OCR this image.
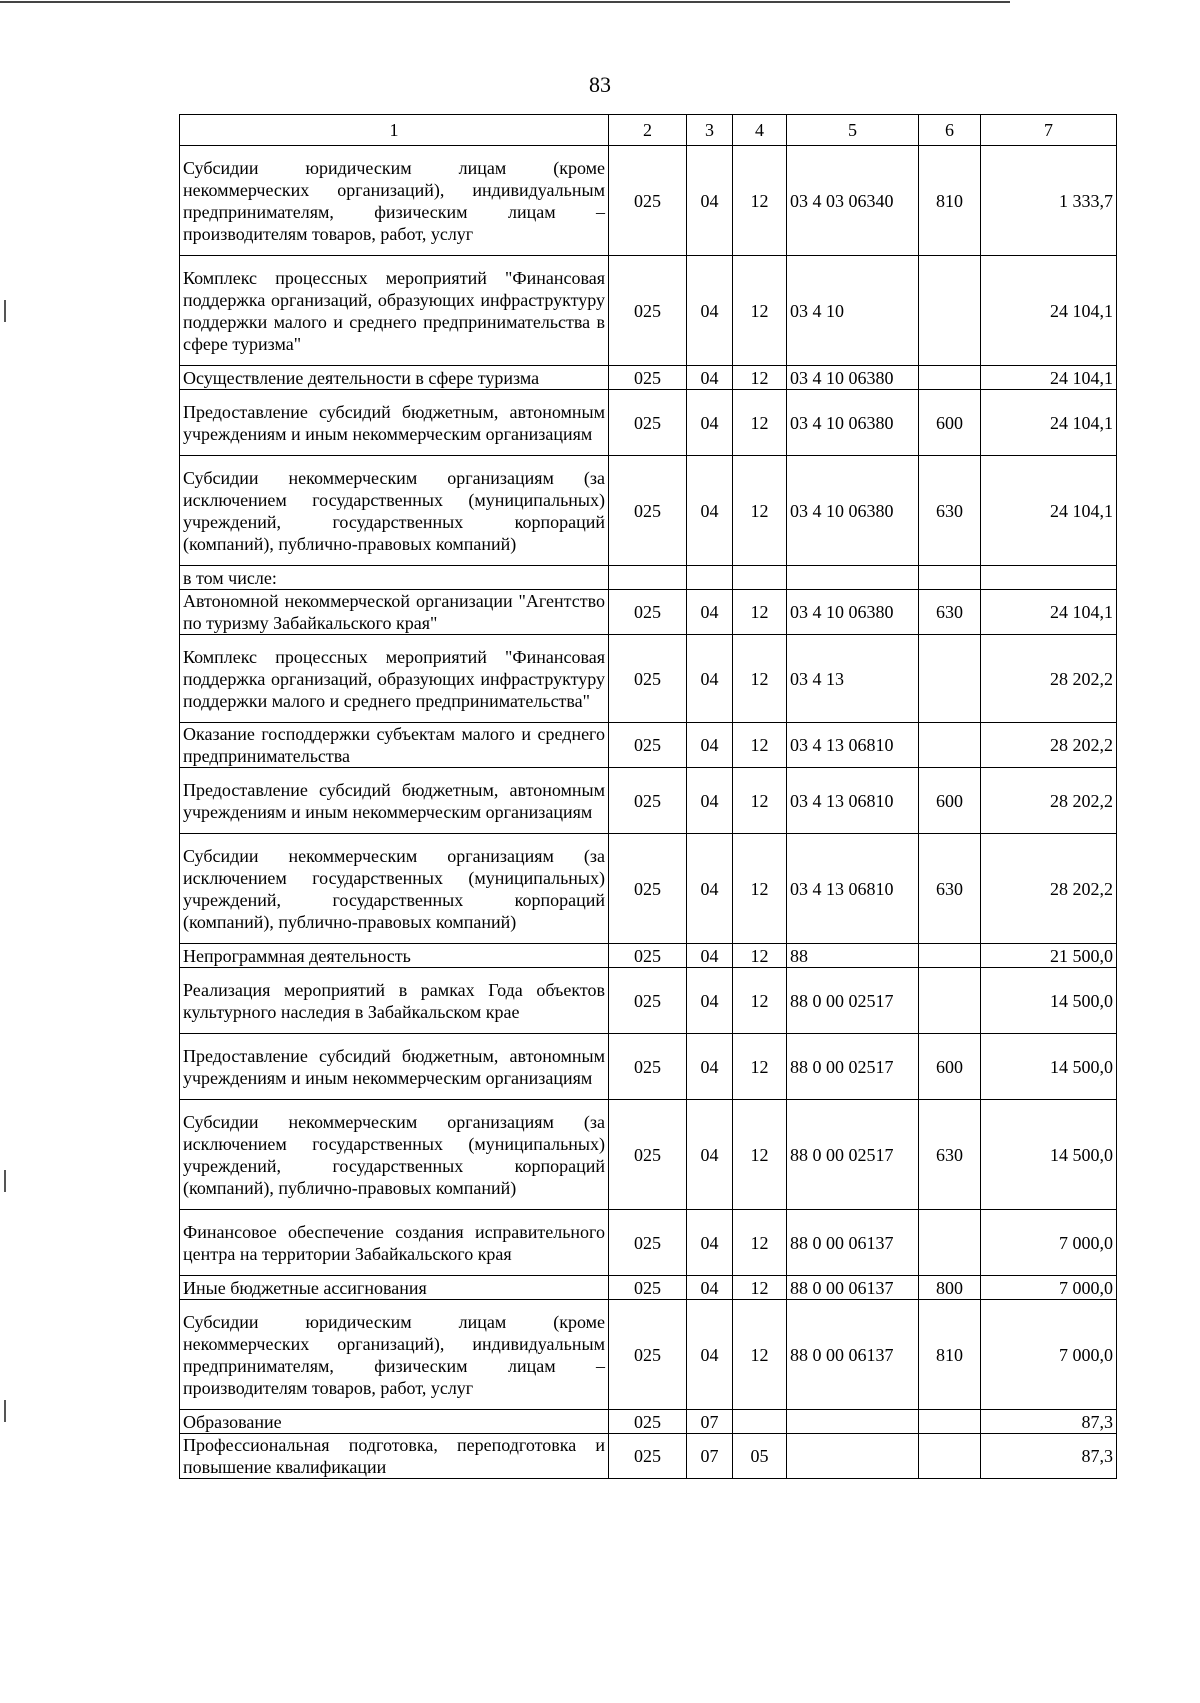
83
1	2	3	4	5	6	7
Субсидии юридическим лицам (кроме некоммерческих организаций), индивидуальным предпринимателям, физическим лицам – производителям товаров, работ, услуг	025	04	12	03 4 03 06340	810	1 333,7
Комплекс процессных мероприятий "Финансовая поддержка организаций, образующих инфраструктуру поддержки малого и среднего предпринимательства в сфере туризма"	025	04	12	03 4 10		24 104,1
Осуществление деятельности в сфере туризма	025	04	12	03 4 10 06380		24 104,1
Предоставление субсидий бюджетным, автономным учреждениям и иным некоммерческим организациям	025	04	12	03 4 10 06380	600	24 104,1
Субсидии некоммерческим организациям (за исключением государственных (муниципальных) учреждений, государственных корпораций (компаний), публично-правовых компаний)	025	04	12	03 4 10 06380	630	24 104,1
в том числе:						
Автономной некоммерческой организации "Агентство по туризму Забайкальского края"	025	04	12	03 4 10 06380	630	24 104,1
Комплекс процессных мероприятий "Финансовая поддержка организаций, образующих инфраструктуру поддержки малого и среднего предпринимательства"	025	04	12	03 4 13		28 202,2
Оказание господдержки субъектам малого и среднего предпринимательства	025	04	12	03 4 13 06810		28 202,2
Предоставление субсидий бюджетным, автономным учреждениям и иным некоммерческим организациям	025	04	12	03 4 13 06810	600	28 202,2
Субсидии некоммерческим организациям (за исключением государственных (муниципальных) учреждений, государственных корпораций (компаний), публично-правовых компаний)	025	04	12	03 4 13 06810	630	28 202,2
Непрограммная деятельность	025	04	12	88		21 500,0
Реализация мероприятий в рамках Года объектов культурного наследия в Забайкальском крае	025	04	12	88 0 00 02517		14 500,0
Предоставление субсидий бюджетным, автономным учреждениям и иным некоммерческим организациям	025	04	12	88 0 00 02517	600	14 500,0
Субсидии некоммерческим организациям (за исключением государственных (муниципальных) учреждений, государственных корпораций (компаний), публично-правовых компаний)	025	04	12	88 0 00 02517	630	14 500,0
Финансовое обеспечение создания исправительного центра на территории Забайкальского края	025	04	12	88 0 00 06137		7 000,0
Иные бюджетные ассигнования	025	04	12	88 0 00 06137	800	7 000,0
Субсидии юридическим лицам (кроме некоммерческих организаций), индивидуальным предпринимателям, физическим лицам – производителям товаров, работ, услуг	025	04	12	88 0 00 06137	810	7 000,0
Образование	025	07				87,3
Профессиональная подготовка, переподготовка и повышение квалификации	025	07	05			87,3
